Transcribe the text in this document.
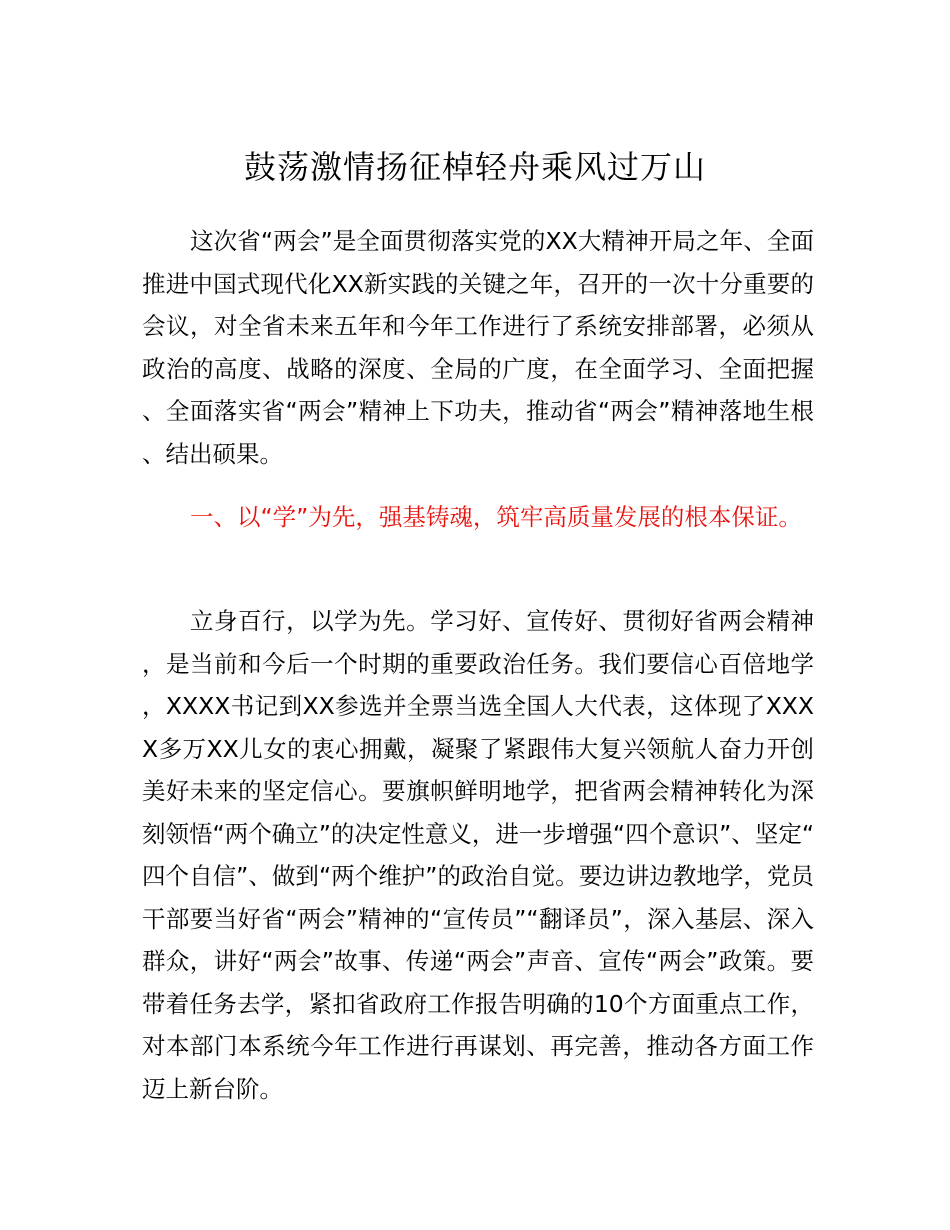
鼓荡激情扬征棹轻舟乘风过万山

这次省“两会”是全面贯彻落实党的XX大精神开局之年、全面推进中国式现代化XX新实践的关键之年，召开的一次十分重要的会议，对全省未来五年和今年工作进行了系统安排部署，必须从政治的高度、战略的深度、全局的广度，在全面学习、全面把握、全面落实省“两会”精神上下功夫，推动省“两会”精神落地生根、结出硕果。

一、以“学”为先，强基铸魂，筑牢高质量发展的根本保证。

立身百行，以学为先。学习好、宣传好、贯彻好省两会精神，是当前和今后一个时期的重要政治任务。我们要信心百倍地学，XXXX书记到XX参选并全票当选全国人大代表，这体现了XXXX多万XX儿女的衷心拥戴，凝聚了紧跟伟大复兴领航人奋力开创美好未来的坚定信心。要旗帜鲜明地学，把省两会精神转化为深刻领悟“两个确立”的决定性意义，进一步增强“四个意识”、坚定“四个自信”、做到“两个维护”的政治自觉。要边讲边教地学，党员干部要当好省“两会”精神的“宣传员”“翻译员”，深入基层、深入群众，讲好“两会”故事、传递“两会”声音、宣传“两会”政策。要带着任务去学，紧扣省政府工作报告明确的10个方面重点工作，对本部门本系统今年工作进行再谋划、再完善，推动各方面工作迈上新台阶。
